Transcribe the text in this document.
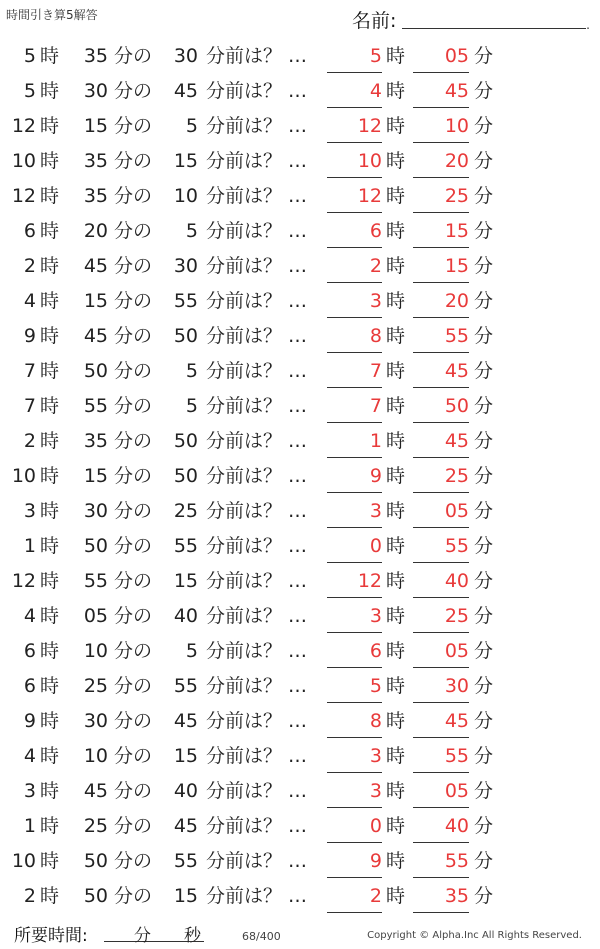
時間引き算5解答	名前:	.
5 時	35 分の	30 分前は？ …	5 時	05 分
5 時	30 分の	45 分前は？ …	4 時	45 分
12 時	15 分の	5 分前は？ …	12 時	10 分
10 時	35 分の	15 分前は？ …	10 時	20 分
12 時	35 分の	10 分前は？ …	12 時	25 分
6 時	20 分の	5 分前は？ …	6 時	15 分
2 時	45 分の	30 分前は？ …	2 時	15 分
4 時	15 分の	55 分前は？ …	3 時	20 分
9 時	45 分の	50 分前は？ …	8 時	55 分
7 時	50 分の	5 分前は？ …	7 時	45 分
7 時	55 分の	5 分前は？ …	7 時	50 分
2 時	35 分の	50 分前は？ …	1 時	45 分
10 時	15 分の	50 分前は？ …	9 時	25 分
3 時	30 分の	25 分前は？ …	3 時	05 分
1 時	50 分の	55 分前は？ …	0 時	55 分
12 時	55 分の	15 分前は？ …	12 時	40 分
4 時	05 分の	40 分前は？ …	3 時	25 分
6 時	10 分の	5 分前は？ …	6 時	05 分
6 時	25 分の	55 分前は？ …	5 時	30 分
9 時	30 分の	45 分前は？ …	8 時	45 分
4 時	10 分の	15 分前は？ …	3 時	55 分
3 時	45 分の	40 分前は？ …	3 時	05 分
1 時	25 分の	45 分前は？ …	0 時	40 分
10 時	50 分の	55 分前は？ …	9 時	55 分
2 時	50 分の	15 分前は？ …	2 時	35 分
所要時間:	分 秒	68/400	Copyright © Alpha.Inc All Rights Reserved.
